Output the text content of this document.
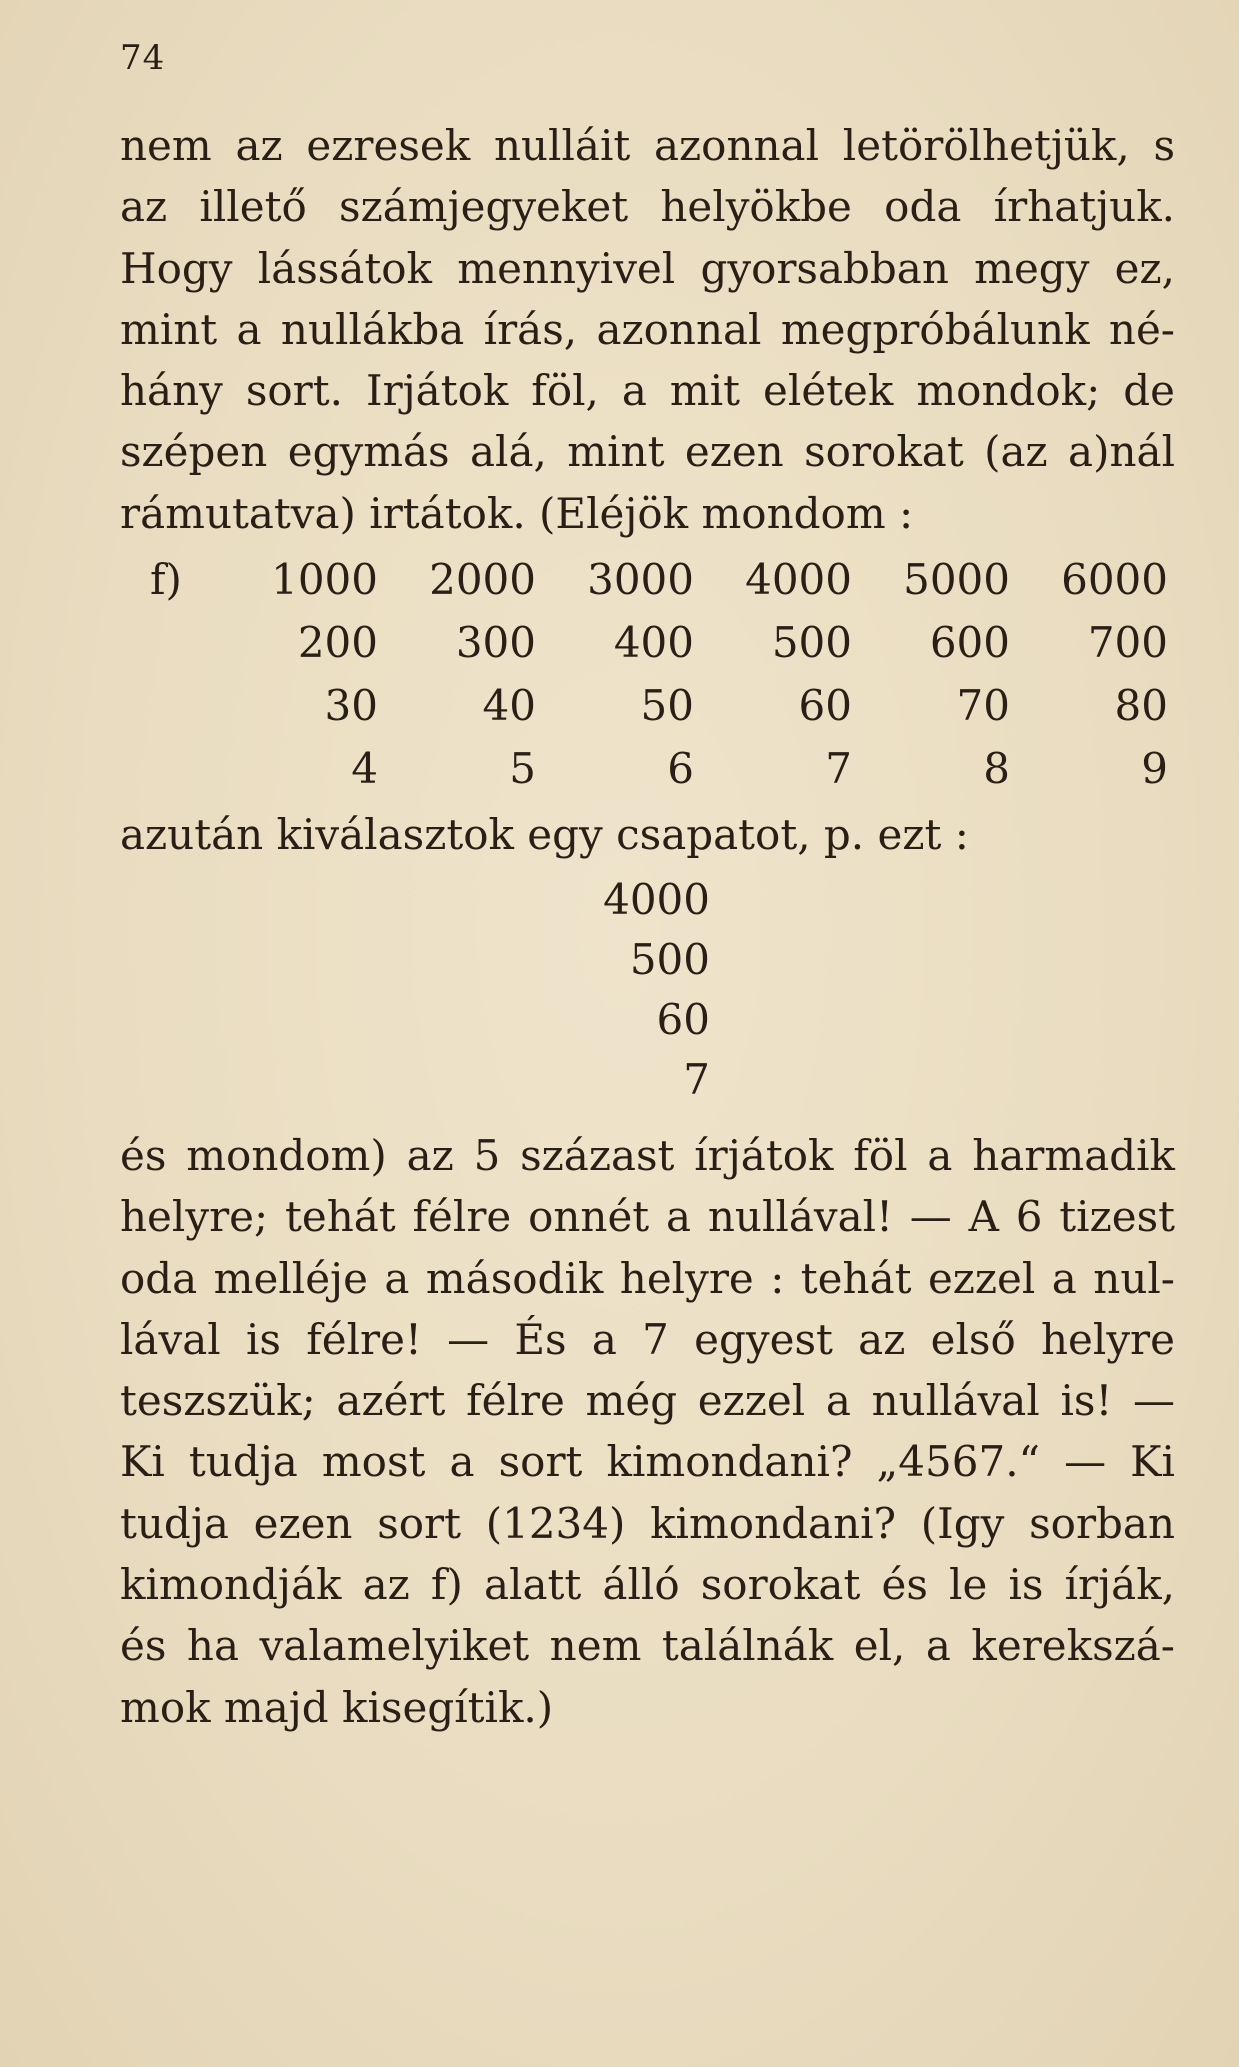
74
nem az ezresek nulláit azonnal letörölhetjük, s
az illető számjegyeket helyökbe oda írhatjuk.
Hogy lássátok mennyivel gyorsabban megy ez,
mint a nullákba írás, azonnal megpróbálunk né-
hány sort. Irjátok föl, a mit elétek mondok; de
szépen egymás alá, mint ezen sorokat (az a)nál
rámutatva) irtátok. (Eléjök mondom :
f)	1000	2000	3000	4000	5000	6000
	200	300	400	500	600	700
	30	40	50	60	70	80
	4	5	6	7	8	9
azután kiválasztok egy csapatot, p. ezt :
4000
500
60
7
és mondom) az 5 százast írjátok föl a harmadik
helyre; tehát félre onnét a nullával! — A 6 tizest
oda melléje a második helyre : tehát ezzel a nul-
lával is félre! — És a 7 egyest az első helyre
teszszük; azért félre még ezzel a nullával is! —
Ki tudja most a sort kimondani? „4567.“ — Ki
tudja ezen sort (1234) kimondani? (Igy sorban
kimondják az f) alatt álló sorokat és le is írják,
és ha valamelyiket nem találnák el, a kerekszá-
mok majd kisegítik.)
